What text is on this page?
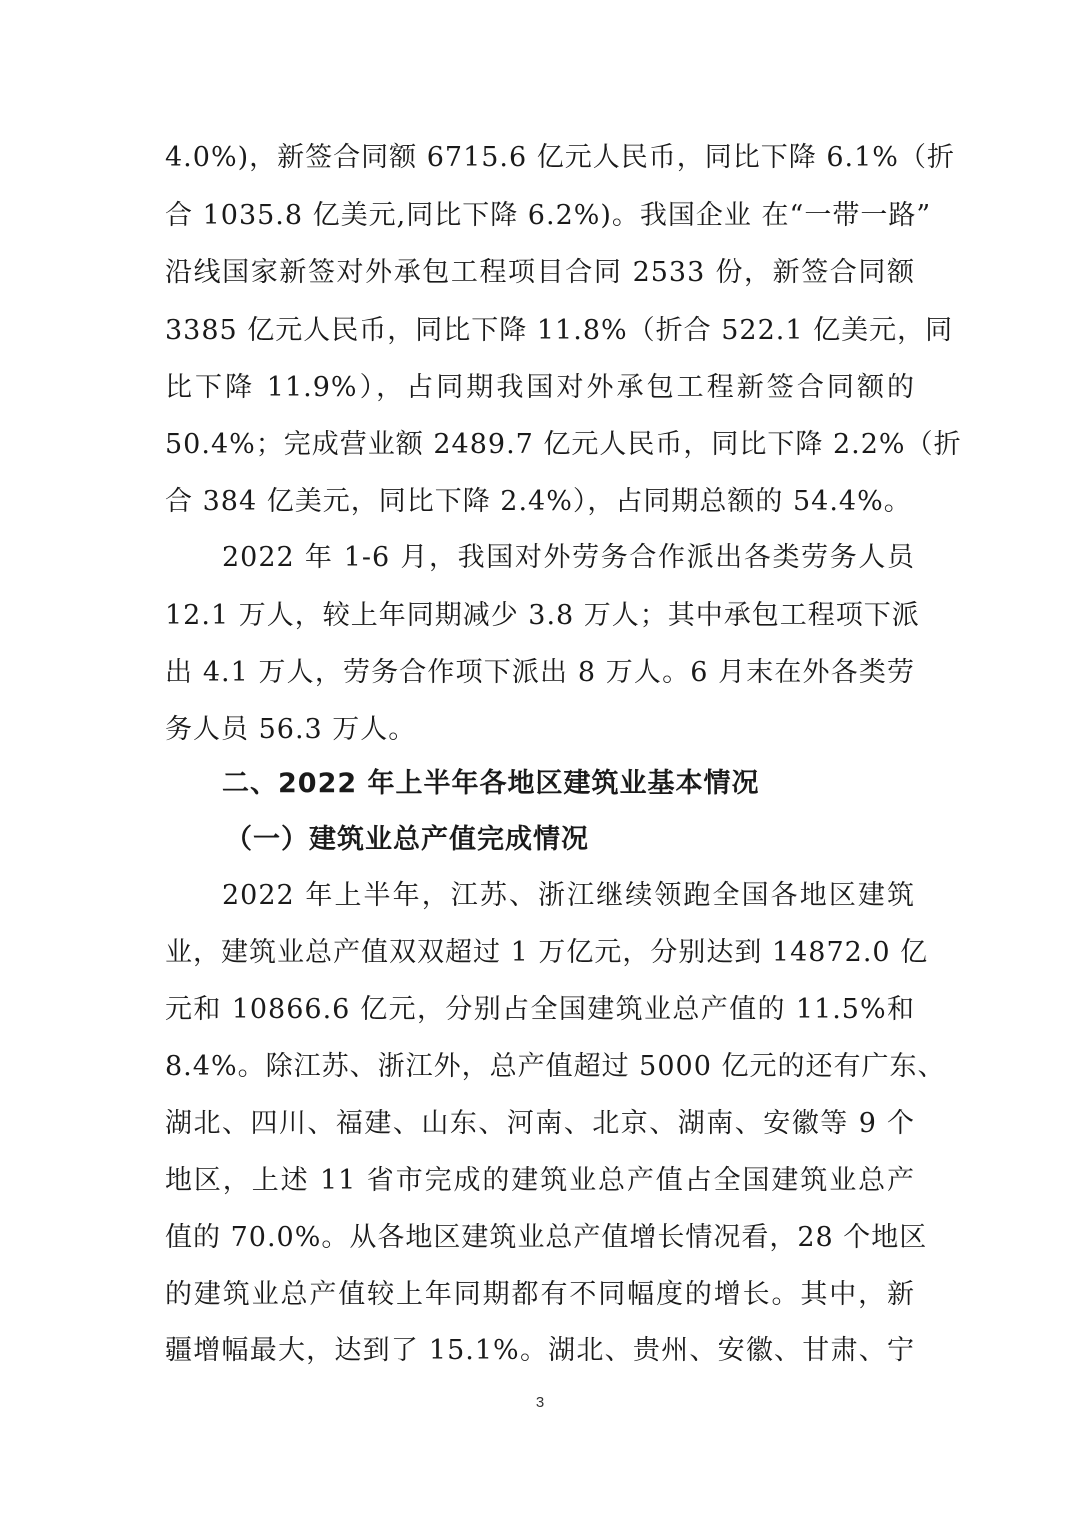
4.0%)，新签合同额 6715.6 亿元人民币，同比下降 6.1%（折
合 1035.8 亿美元,同比下降 6.2%)。我国企业 在“一带一路”
沿线国家新签对外承包工程项目合同 2533 份，新签合同额
3385 亿元人民币，同比下降 11.8%（折合 522.1 亿美元，同
比下降 11.9%），占同期我国对外承包工程新签合同额的
50.4%；完成营业额 2489.7 亿元人民币，同比下降 2.2%（折
合 384 亿美元，同比下降 2.4%），占同期总额的 54.4%。
2022 年 1-6 月，我国对外劳务合作派出各类劳务人员
12.1 万人，较上年同期减少 3.8 万人；其中承包工程项下派
出 4.1 万人，劳务合作项下派出 8 万人。6 月末在外各类劳
务人员 56.3 万人。
二、2022 年上半年各地区建筑业基本情况
（一）建筑业总产值完成情况
2022 年上半年，江苏、浙江继续领跑全国各地区建筑
业，建筑业总产值双双超过 1 万亿元，分别达到 14872.0 亿
元和 10866.6 亿元，分别占全国建筑业总产值的 11.5%和
8.4%。除江苏、浙江外，总产值超过 5000 亿元的还有广东、
湖北、四川、福建、山东、河南、北京、湖南、安徽等 9 个
地区，上述 11 省市完成的建筑业总产值占全国建筑业总产
值的 70.0%。从各地区建筑业总产值增长情况看，28 个地区
的建筑业总产值较上年同期都有不同幅度的增长。其中，新
疆增幅最大，达到了 15.1%。湖北、贵州、安徽、甘肃、宁
3
